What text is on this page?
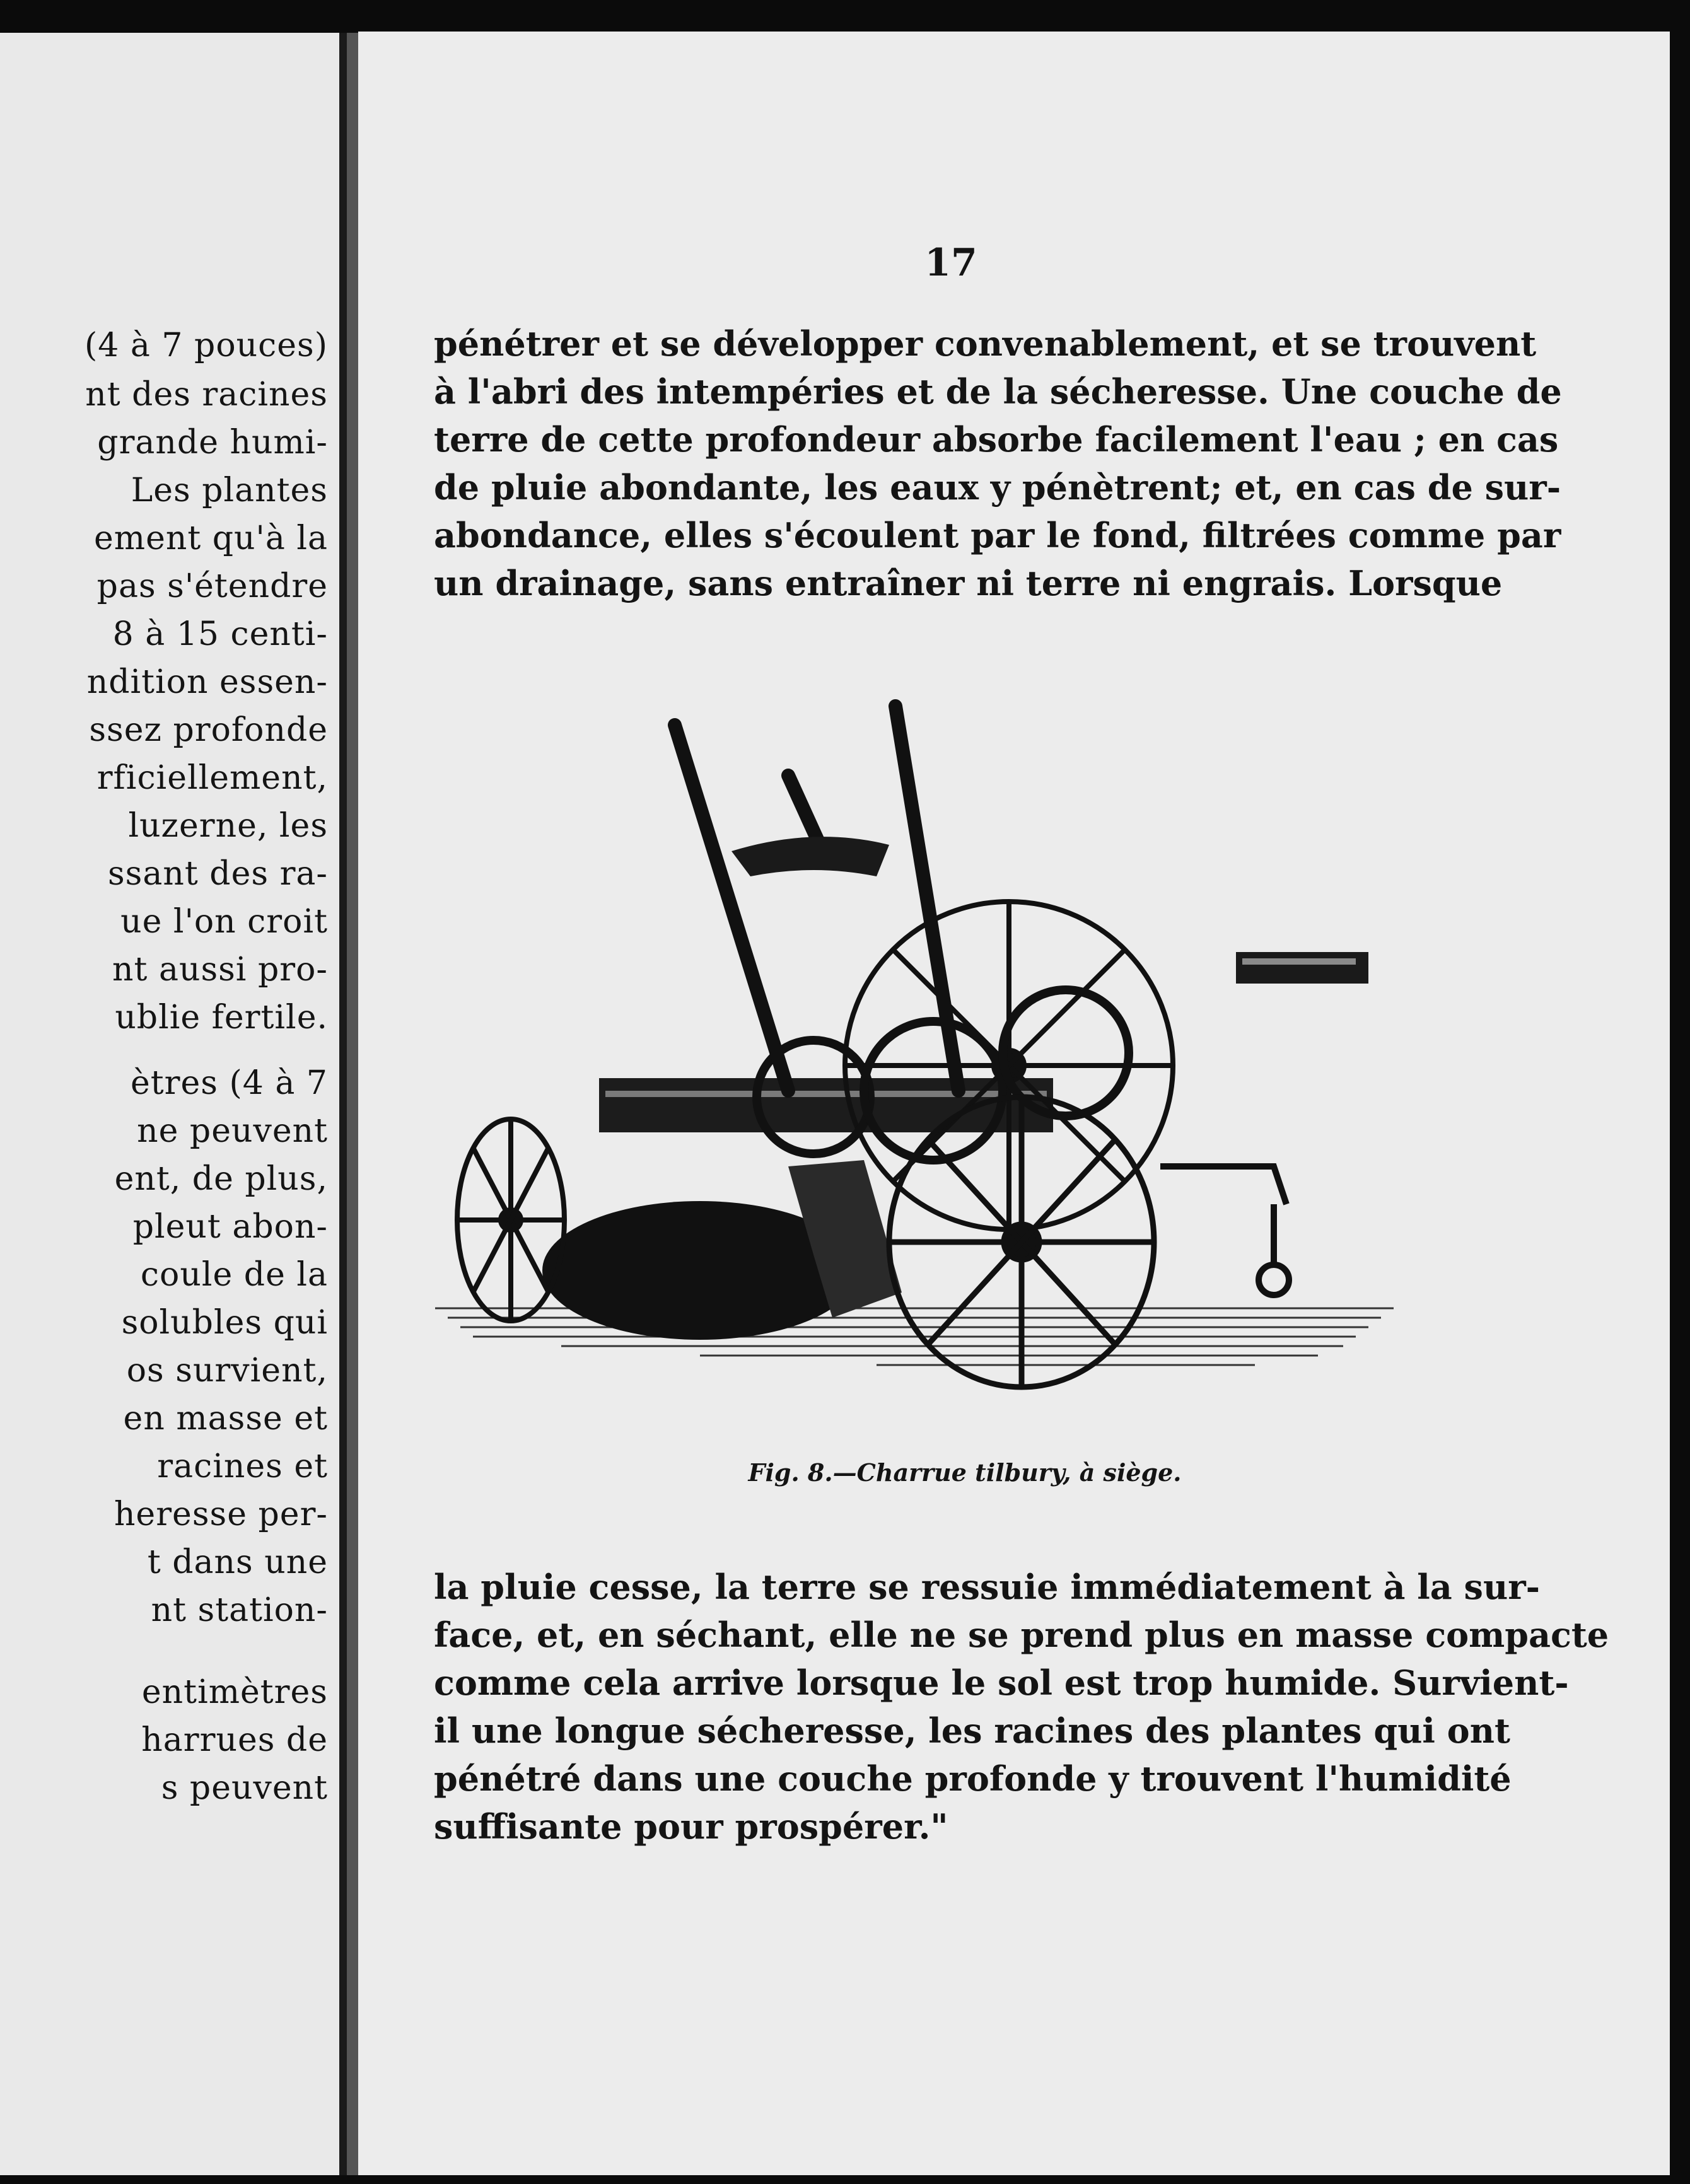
(4 à 7 pouces)
nt des racines
grande humi-
Les plantes
ement qu'à la
pas s'étendre
8 à 15 centi-
ndition essen-
ssez profonde
rficiellement,
luzerne, les
ssant des ra-
ue l'on croit
nt aussi pro-
ublie fertile.
ètres (4 à 7
ne peuvent
ent, de plus,
pleut abon-
coule de la
solubles qui
os survient,
en masse et
racines et
heresse per-
t dans une
nt station-
entimètres
harrues de
s peuvent
17
pénétrer et se développer convenablement, et se trouvent
à l'abri des intempéries et de la sécheresse. Une couche de
terre de cette profondeur absorbe facilement l'eau ; en cas
de pluie abondante, les eaux y pénètrent; et, en cas de sur-
abondance, elles s'écoulent par le fond, filtrées comme par
un drainage, sans entraîner ni terre ni engrais. Lorsque
Fig. 8.—Charrue tilbury, à siège.
la pluie cesse, la terre se ressuie immédiatement à la sur-
face, et, en séchant, elle ne se prend plus en masse compacte
comme cela arrive lorsque le sol est trop humide. Survient-
il une longue sécheresse, les racines des plantes qui ont
pénétré dans une couche profonde y trouvent l'humidité
suffisante pour prospérer."
